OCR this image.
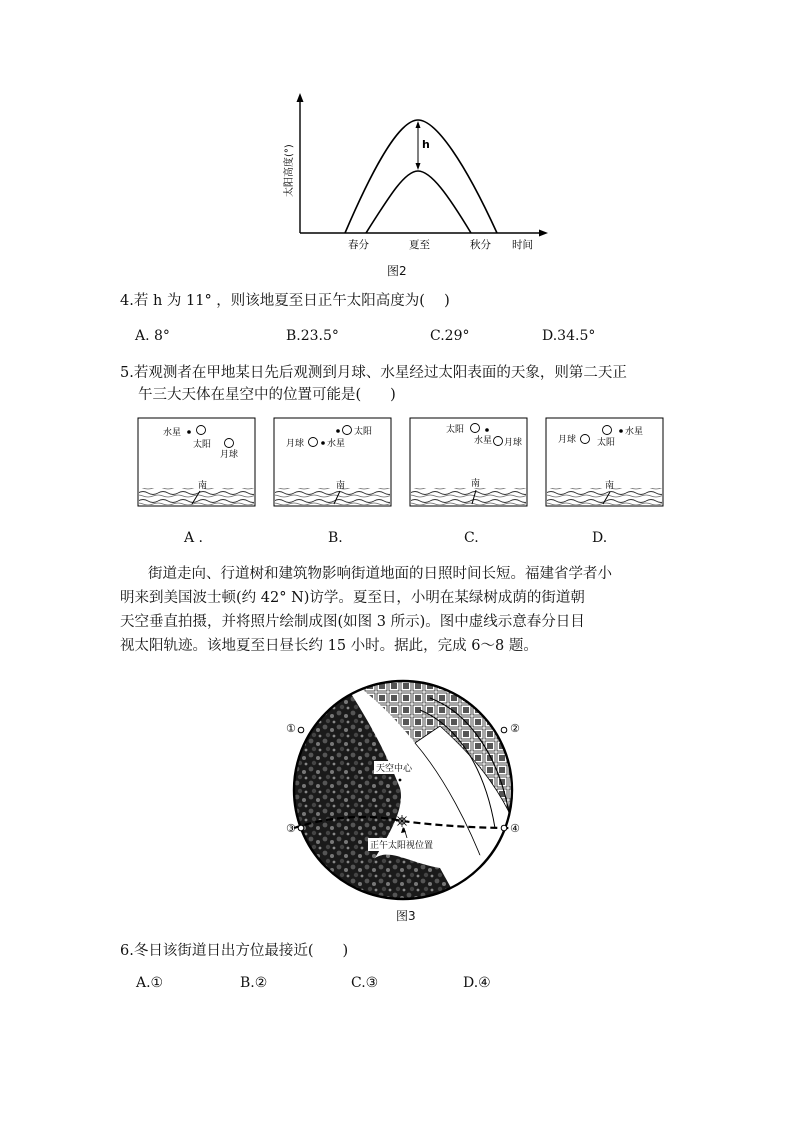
h
太阳高度(°)
春分	夏至	秋分 时间
图2
4.若 h 为 11° ，则该地夏至日正午太阳高度为(　 )
A. 8°	B.23.5°	C.29°	D.34.5°
5.若观测者在甲地某日先后观测到月球、水星经过太阳表面的天象，则第二天正
午三大天体在星空中的位置可能是(　　)
水星
太阳
月球
南
太阳
月球	水星
南
太阳
水星 月球
南
水星
月球 太阳
南
A .	B.	C.	D.
街道走向、行道树和建筑物影响街道地面的日照时间长短。福建省学者小
明来到美国波士顿(约 42° N)访学。夏至日，小明在某绿树成荫的街道朝
天空垂直拍摄，并将照片绘制成图(如图 3 所示)。图中虚线示意春分日目
视太阳轨迹。该地夏至日昼长约 15 小时。据此，完成 6～8 题。
正午太阳视位置
天空中心
①	②
③	④
图3
6.冬日该街道日出方位最接近(　　)
A.①	B.②	C.③	D.④
